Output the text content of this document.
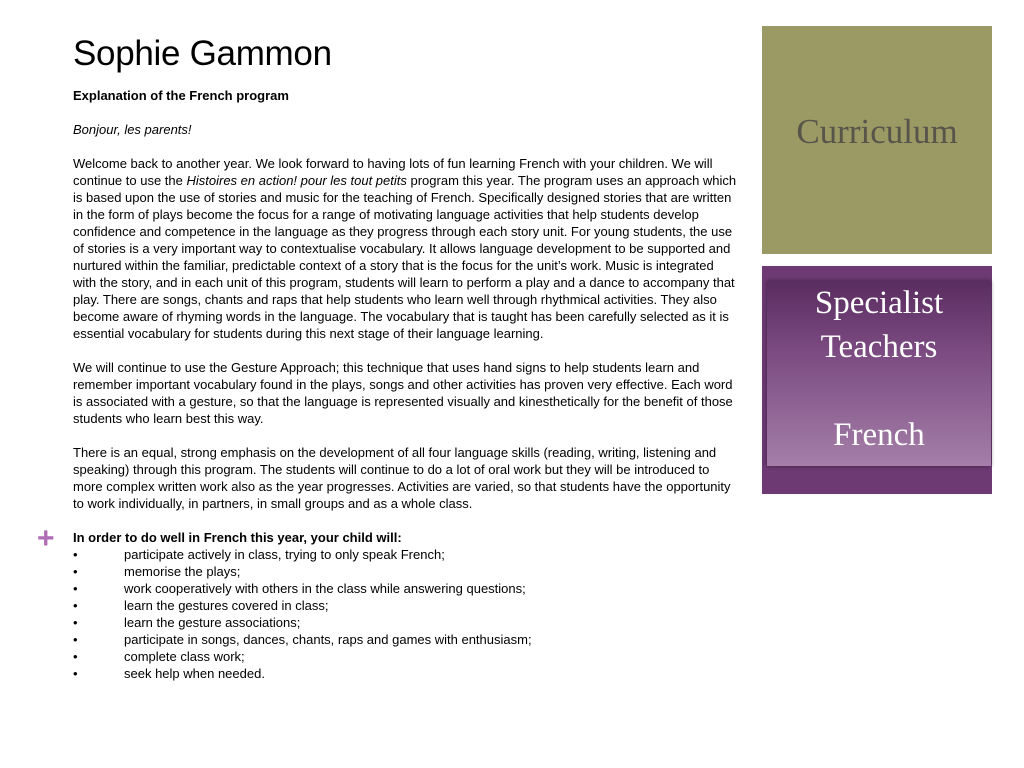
Sophie Gammon

Explanation of the French program

Bonjour, les parents!

Welcome back to another year. We look forward to having lots of fun learning French with your children. We will continue to use the Histoires en action! pour les tout petits program this year. The program uses an approach which is based upon the use of stories and music for the teaching of French. Specifically designed stories that are written in the form of plays become the focus for a range of motivating language activities that help students develop confidence and competence in the language as they progress through each story unit. For young students, the use of stories is a very important way to contextualise vocabulary. It allows language development to be supported and nurtured within the familiar, predictable context of a story that is the focus for the unit’s work. Music is integrated with the story, and in each unit of this program, students will learn to perform a play and a dance to accompany that play. There are songs, chants and raps that help students who learn well through rhythmical activities. They also become aware of rhyming words in the language. The vocabulary that is taught has been carefully selected as it is essential vocabulary for students during this next stage of their language learning.

We will continue to use the Gesture Approach; this technique that uses hand signs to help students learn and remember important vocabulary found in the plays, songs and other activities has proven very effective. Each word is associated with a gesture, so that the language is represented visually and kinesthetically for the benefit of those students who learn best this way.

There is an equal, strong emphasis on the development of all four language skills (reading, writing, listening and speaking) through this program. The students will continue to do a lot of oral work but they will be introduced to more complex written work also as the year progresses. Activities are varied, so that students have the opportunity to work individually, in partners, in small groups and as a whole class.

In order to do well in French this year, your child will:

•	participate actively in class, trying to only speak French;
•	memorise the plays;
•	work cooperatively with others in the class while answering questions;
•	learn the gestures covered in class;
•	learn the gesture associations;
•	participate in songs, dances, chants, raps and games with enthusiasm;
•	complete class work;
•	seek help when needed.
+
Curriculum
Specialist
Teachers
French
